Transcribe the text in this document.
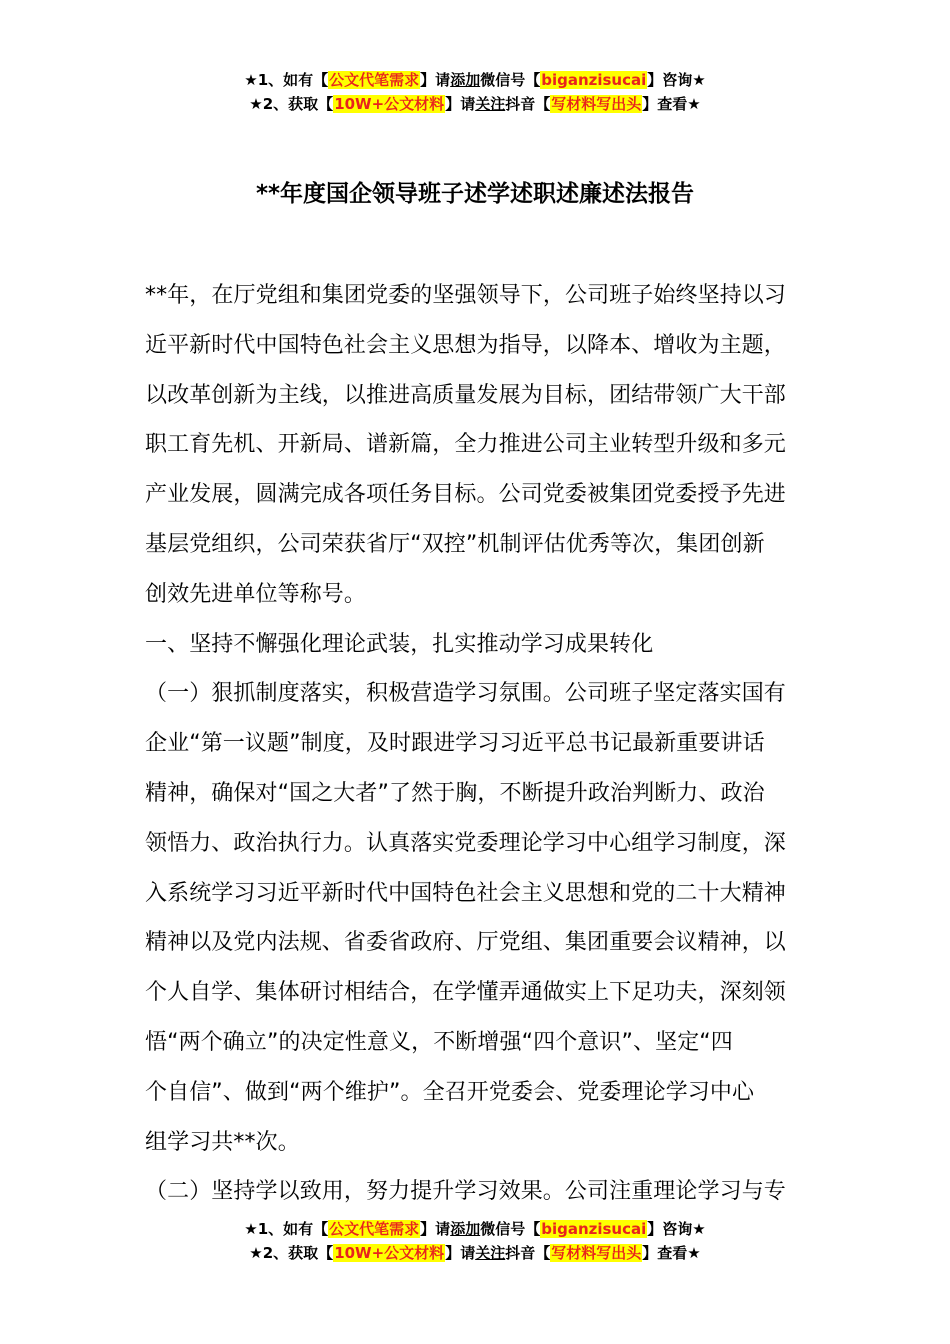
★1、如有【公文代笔需求】请添加微信号【biganzisucai】咨询★
★2、获取【10W+公文材料】请关注抖音【写材料写出头】查看★
**年度国企领导班子述学述职述廉述法报告
**年，在厅党组和集团党委的坚强领导下，公司班子始终坚持以习
近平新时代中国特色社会主义思想为指导，以降本、增收为主题，
以改革创新为主线，以推进高质量发展为目标，团结带领广大干部
职工育先机、开新局、谱新篇，全力推进公司主业转型升级和多元
产业发展，圆满完成各项任务目标。公司党委被集团党委授予先进
基层党组织，公司荣获省厅“双控”机制评估优秀等次，集团创新
创效先进单位等称号。
一、坚持不懈强化理论武装，扎实推动学习成果转化
（一）狠抓制度落实，积极营造学习氛围。公司班子坚定落实国有
企业“第一议题”制度，及时跟进学习习近平总书记最新重要讲话
精神，确保对“国之大者”了然于胸，不断提升政治判断力、政治
领悟力、政治执行力。认真落实党委理论学习中心组学习制度，深
入系统学习习近平新时代中国特色社会主义思想和党的二十大精神
精神以及党内法规、省委省政府、厅党组、集团重要会议精神，以
个人自学、集体研讨相结合，在学懂弄通做实上下足功夫，深刻领
悟“两个确立”的决定性意义，不断增强“四个意识”、坚定“四
个自信”、做到“两个维护”。全召开党委会、党委理论学习中心
组学习共**次。
（二）坚持学以致用，努力提升学习效果。公司注重理论学习与专
★1、如有【公文代笔需求】请添加微信号【biganzisucai】咨询★
★2、获取【10W+公文材料】请关注抖音【写材料写出头】查看★
